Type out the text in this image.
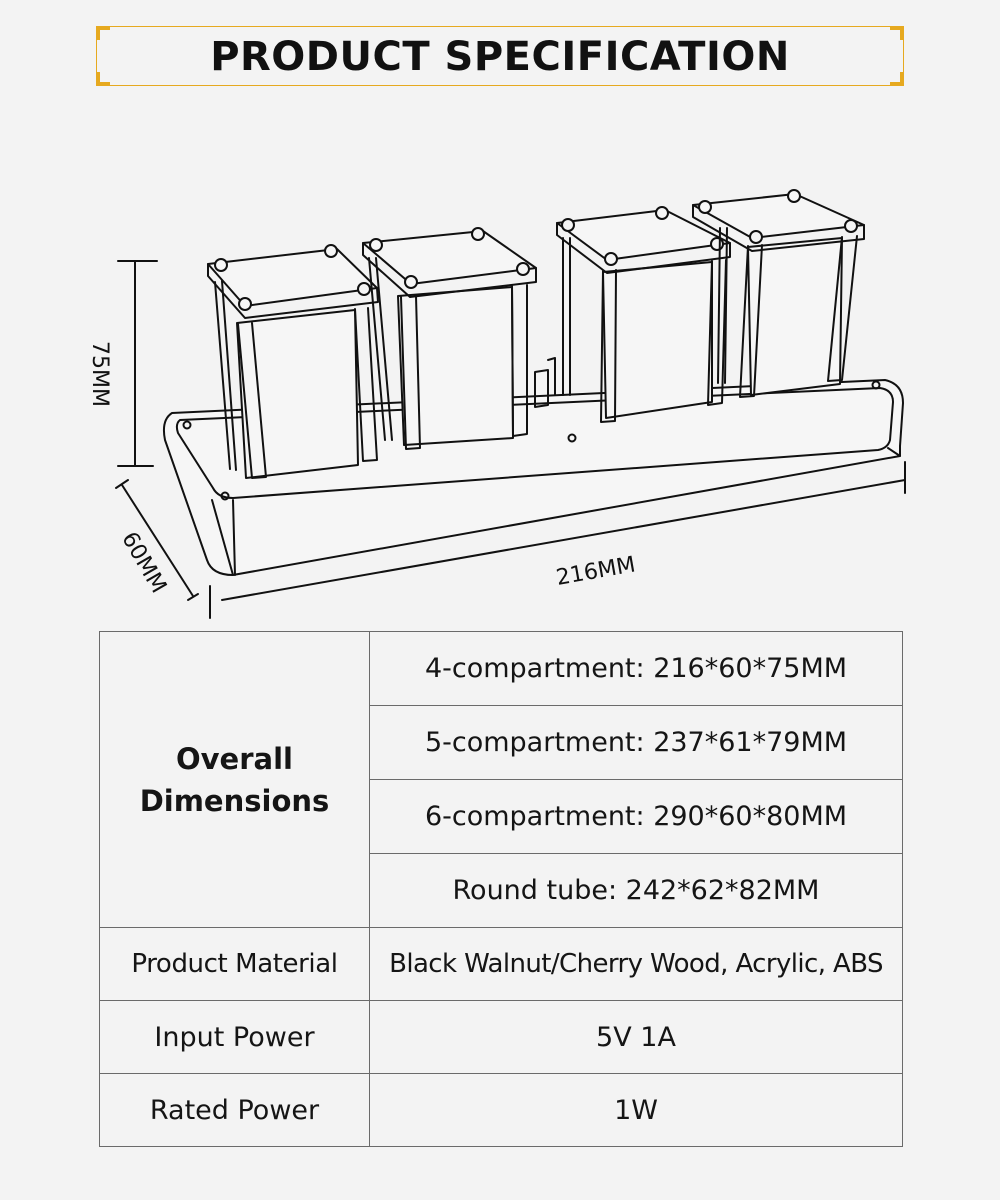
PRODUCT SPECIFICATION
75MM
60MM	216MM
Overall
Dimensions	4-compartment: 216*60*75MM
	5-compartment: 237*61*79MM
	6-compartment: 290*60*80MM
	Round tube: 242*62*82MM
Product Material	Black Walnut/Cherry Wood, Acrylic, ABS
Input Power	5V 1A
Rated Power	1W
